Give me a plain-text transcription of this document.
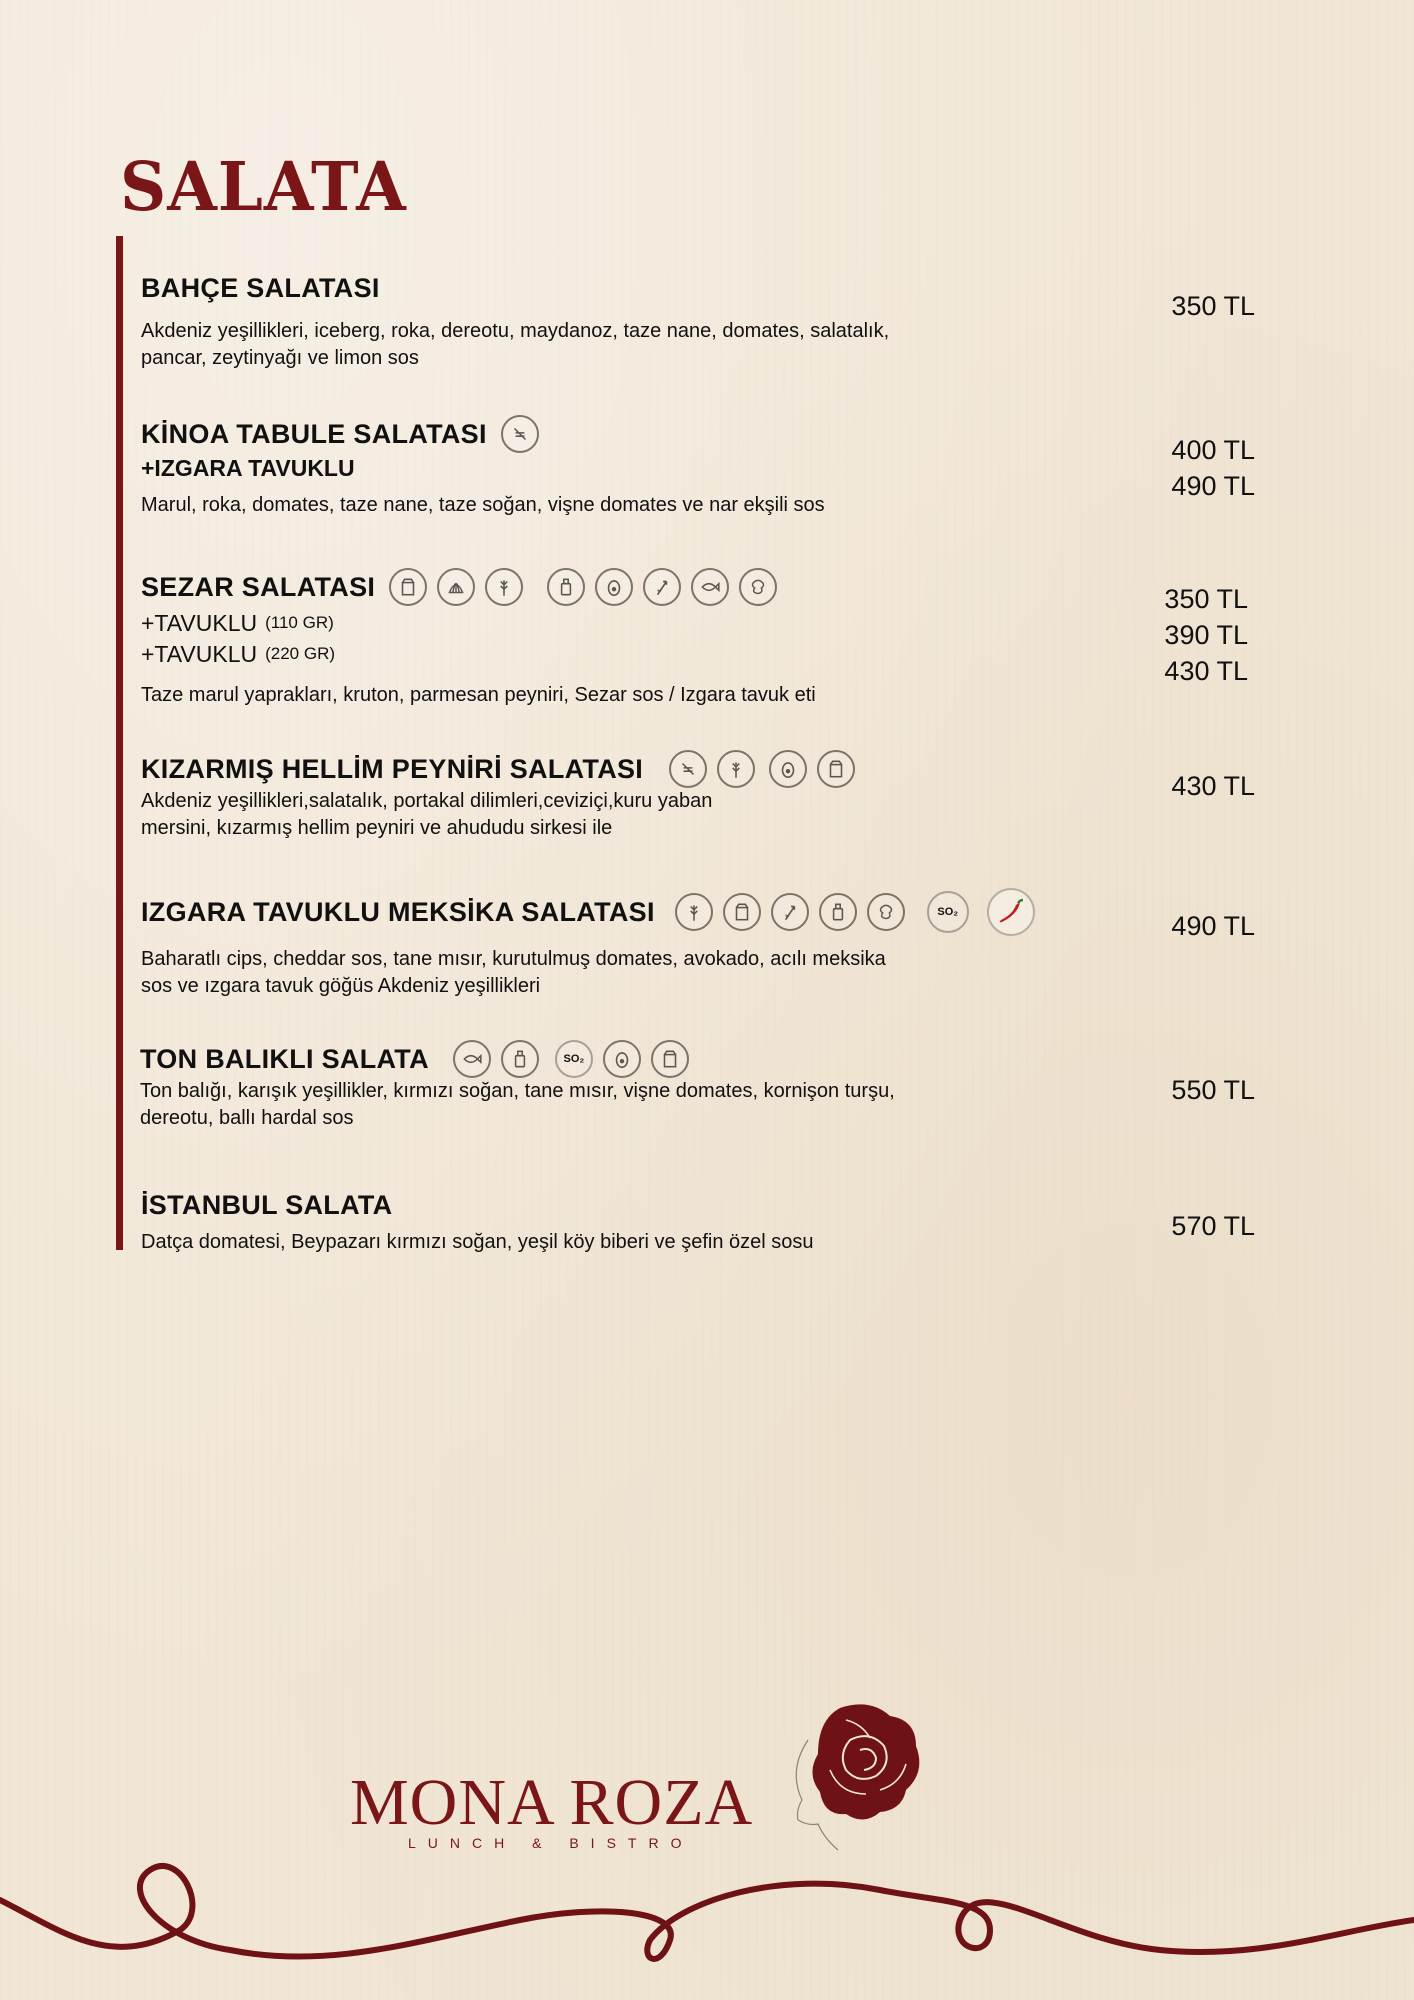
SALATA
BAHÇE SALATASI
Akdeniz yeşillikleri, iceberg, roka, dereotu, maydanoz, taze nane, domates, salatalık, pancar, zeytinyağı ve limon sos
350 TL
KİNOA TABULE SALATASI
+IZGARA TAVUKLU
Marul, roka, domates, taze nane, taze soğan, vişne domates ve nar ekşili sos
400 TL
490 TL
SEZAR SALATASI
+TAVUKLU (110 GR)
+TAVUKLU (220 GR)
Taze marul yaprakları, kruton, parmesan peyniri, Sezar sos / Izgara tavuk eti
350 TL
390 TL
430 TL
KIZARMIŞ HELLİM PEYNİRİ SALATASI
Akdeniz yeşillikleri,salatalık, portakal dilimleri,ceviziçi,kuru yaban mersini, kızarmış hellim peyniri ve ahududu sirkesi ile
430 TL
IZGARA TAVUKLU MEKSİKA SALATASI	SO₂
Baharatlı cips, cheddar sos, tane mısır, kurutulmuş domates, avokado, acılı meksika sos ve ızgara tavuk göğüs Akdeniz yeşillikleri
490 TL
TON BALIKLI SALATA	SO₂
Ton balığı, karışık yeşillikler, kırmızı soğan, tane mısır, vişne domates, kornişon turşu, dereotu, ballı hardal sos
550 TL
İSTANBUL SALATA
Datça domatesi, Beypazarı kırmızı soğan, yeşil köy biberi ve şefin özel sosu
570 TL
MONA ROZA
LUNCH & BISTRO
